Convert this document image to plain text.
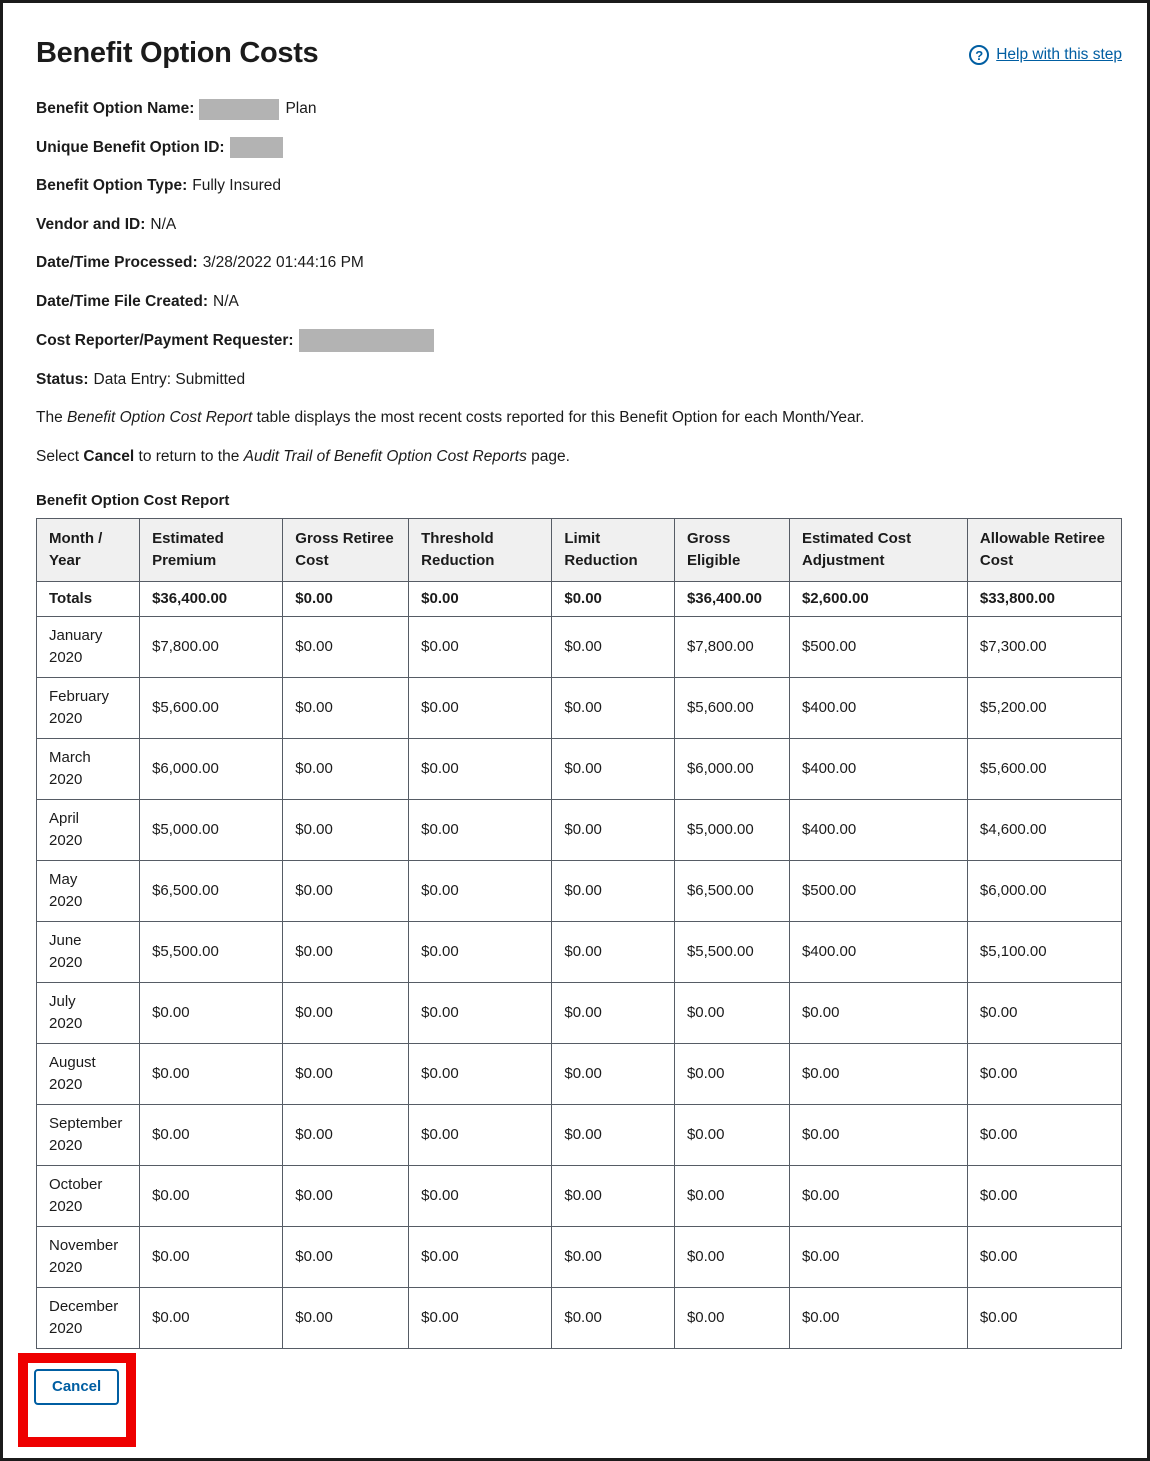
Benefit Option Costs	? Help with this step
Benefit Option Name:	Plan
Unique Benefit Option ID:
Benefit Option Type: Fully Insured
Vendor and ID: N/A
Date/Time Processed: 3/28/2022 01:44:16 PM
Date/Time File Created: N/A
Cost Reporter/Payment Requester:
Status: Data Entry: Submitted

The Benefit Option Cost Report table displays the most recent costs reported for this Benefit Option for each Month/Year.

Select Cancel to return to the Audit Trail of Benefit Option Cost Reports page.

Benefit Option Cost Report
Month / Year	Estimated Premium	Gross Retiree Cost	Threshold Reduction	Limit Reduction	Gross Eligible	Estimated Cost Adjustment	Allowable Retiree Cost
Totals	$36,400.00	$0.00	$0.00	$0.00	$36,400.00	$2,600.00	$33,800.00

January
2020	$7,800.00	$0.00	$0.00	$0.00	$7,800.00	$500.00	$7,300.00

February
2020	$5,600.00	$0.00	$0.00	$0.00	$5,600.00	$400.00	$5,200.00

March
2020	$6,000.00	$0.00	$0.00	$0.00	$6,000.00	$400.00	$5,600.00

April
2020	$5,000.00	$0.00	$0.00	$0.00	$5,000.00	$400.00	$4,600.00

May
2020	$6,500.00	$0.00	$0.00	$0.00	$6,500.00	$500.00	$6,000.00

June
2020	$5,500.00	$0.00	$0.00	$0.00	$5,500.00	$400.00	$5,100.00

July
2020	$0.00	$0.00	$0.00	$0.00	$0.00	$0.00	$0.00

August
2020	$0.00	$0.00	$0.00	$0.00	$0.00	$0.00	$0.00

September
2020	$0.00	$0.00	$0.00	$0.00	$0.00	$0.00	$0.00

October
2020	$0.00	$0.00	$0.00	$0.00	$0.00	$0.00	$0.00

November
2020	$0.00	$0.00	$0.00	$0.00	$0.00	$0.00	$0.00

December
2020	$0.00	$0.00	$0.00	$0.00	$0.00	$0.00	$0.00
Cancel
